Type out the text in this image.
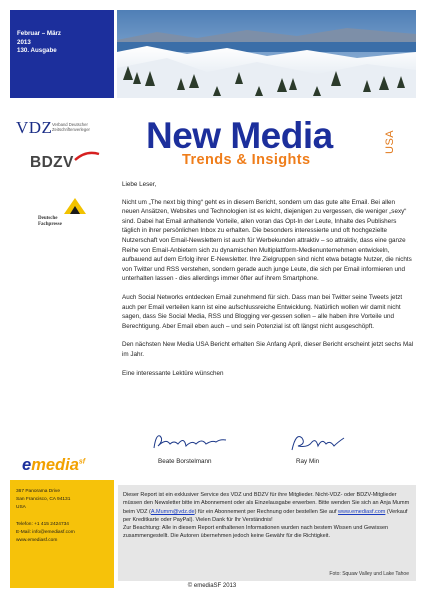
Februar – März
2013
130. Ausgabe
VDZ Verband Deutscher Zeitschriftenverleger
BDZV
Deutsche
Fachpresse
emedia$^{sf}$
367 Panorama Drive
San Francisco, CA 94131
USA
Telefon: +1 415 2424734
E-Mail: info@emediasf.com
www.emediasf.com
New Media	USA
Trends & Insights

Liebe Leser,

Nicht um „The next big thing“ geht es in diesem Bericht, sondern um das gute alte Email. Bei allen neuen Ansätzen, Websites und Technologien ist es leicht, diejenigen zu vergessen, die weniger „sexy“ sind. Dabei hat Email anhaltende Vorteile, allen voran das Opt-In der Leute, Inhalte des Publishers täglich in ihrer persönlichen Inbox zu erhalten. Die besonders interessierte und oft hochgezielte Nutzerschaft von Email-Newslettern ist auch für Werbekunden attraktiv – so attraktiv, dass eine ganze Reihe von Email-Anbietern sich zu dynamischen Multiplattform-Medienunternehmen entwickeln, aufbauend auf dem Erfolg ihrer E-Newsletter. Ihre Zielgruppen sind nicht etwa betagte Nutzer, die nichts von Twitter und RSS verstehen, sondern gerade auch junge Leute, die sich per Email informieren und unterhalten lassen - dies allerdings immer öfter auf ihrem Smartphone.

Auch Social Networks entdecken Email zunehmend für sich. Dass man bei Twitter seine Tweets jetzt auch per Email verteilen kann ist eine aufschlussreiche Entwicklung. Natürlich wollen wir damit nicht sagen, dass Sie Social Media, RSS und Blogging ver-gessen sollen – alle haben ihre Vorteile und Berechtigung. Aber Email eben auch – und sein Potenzial ist oft längst nicht ausgeschöpft.

Den nächsten New Media USA Bericht erhalten Sie Anfang April, dieser Bericht erscheint jetzt sechs Mal im Jahr.

Eine interessante Lektüre wünschen

Beate Borstelmann	Ray Min

Dieser Report ist ein exklusiver Service des VDZ und BDZV für ihre Mitglieder. Nicht-VDZ- oder BDZV-Mitglieder müssen den Newsletter bitte im Abonnement oder als Einzelausgabe erwerben. Bitte wenden Sie sich an Anja Mumm beim VDZ (A.Mumm@vdz.de) für ein Abonnement per Rechnung oder bestellen Sie auf www.emediasf.com (Verkauf per Kreditkarte oder PayPal). Vielen Dank für Ihr Verständnis!

Zur Beachtung: Alle in diesem Report enthaltenen Informationen wurden nach bestem Wissen und Gewissen zusammengestellt. Die Autoren übernehmen jedoch keine Gewähr für die Richtigkeit.

Foto: Squaw Valley und Lake Tahoe
© emediaSF 2013
